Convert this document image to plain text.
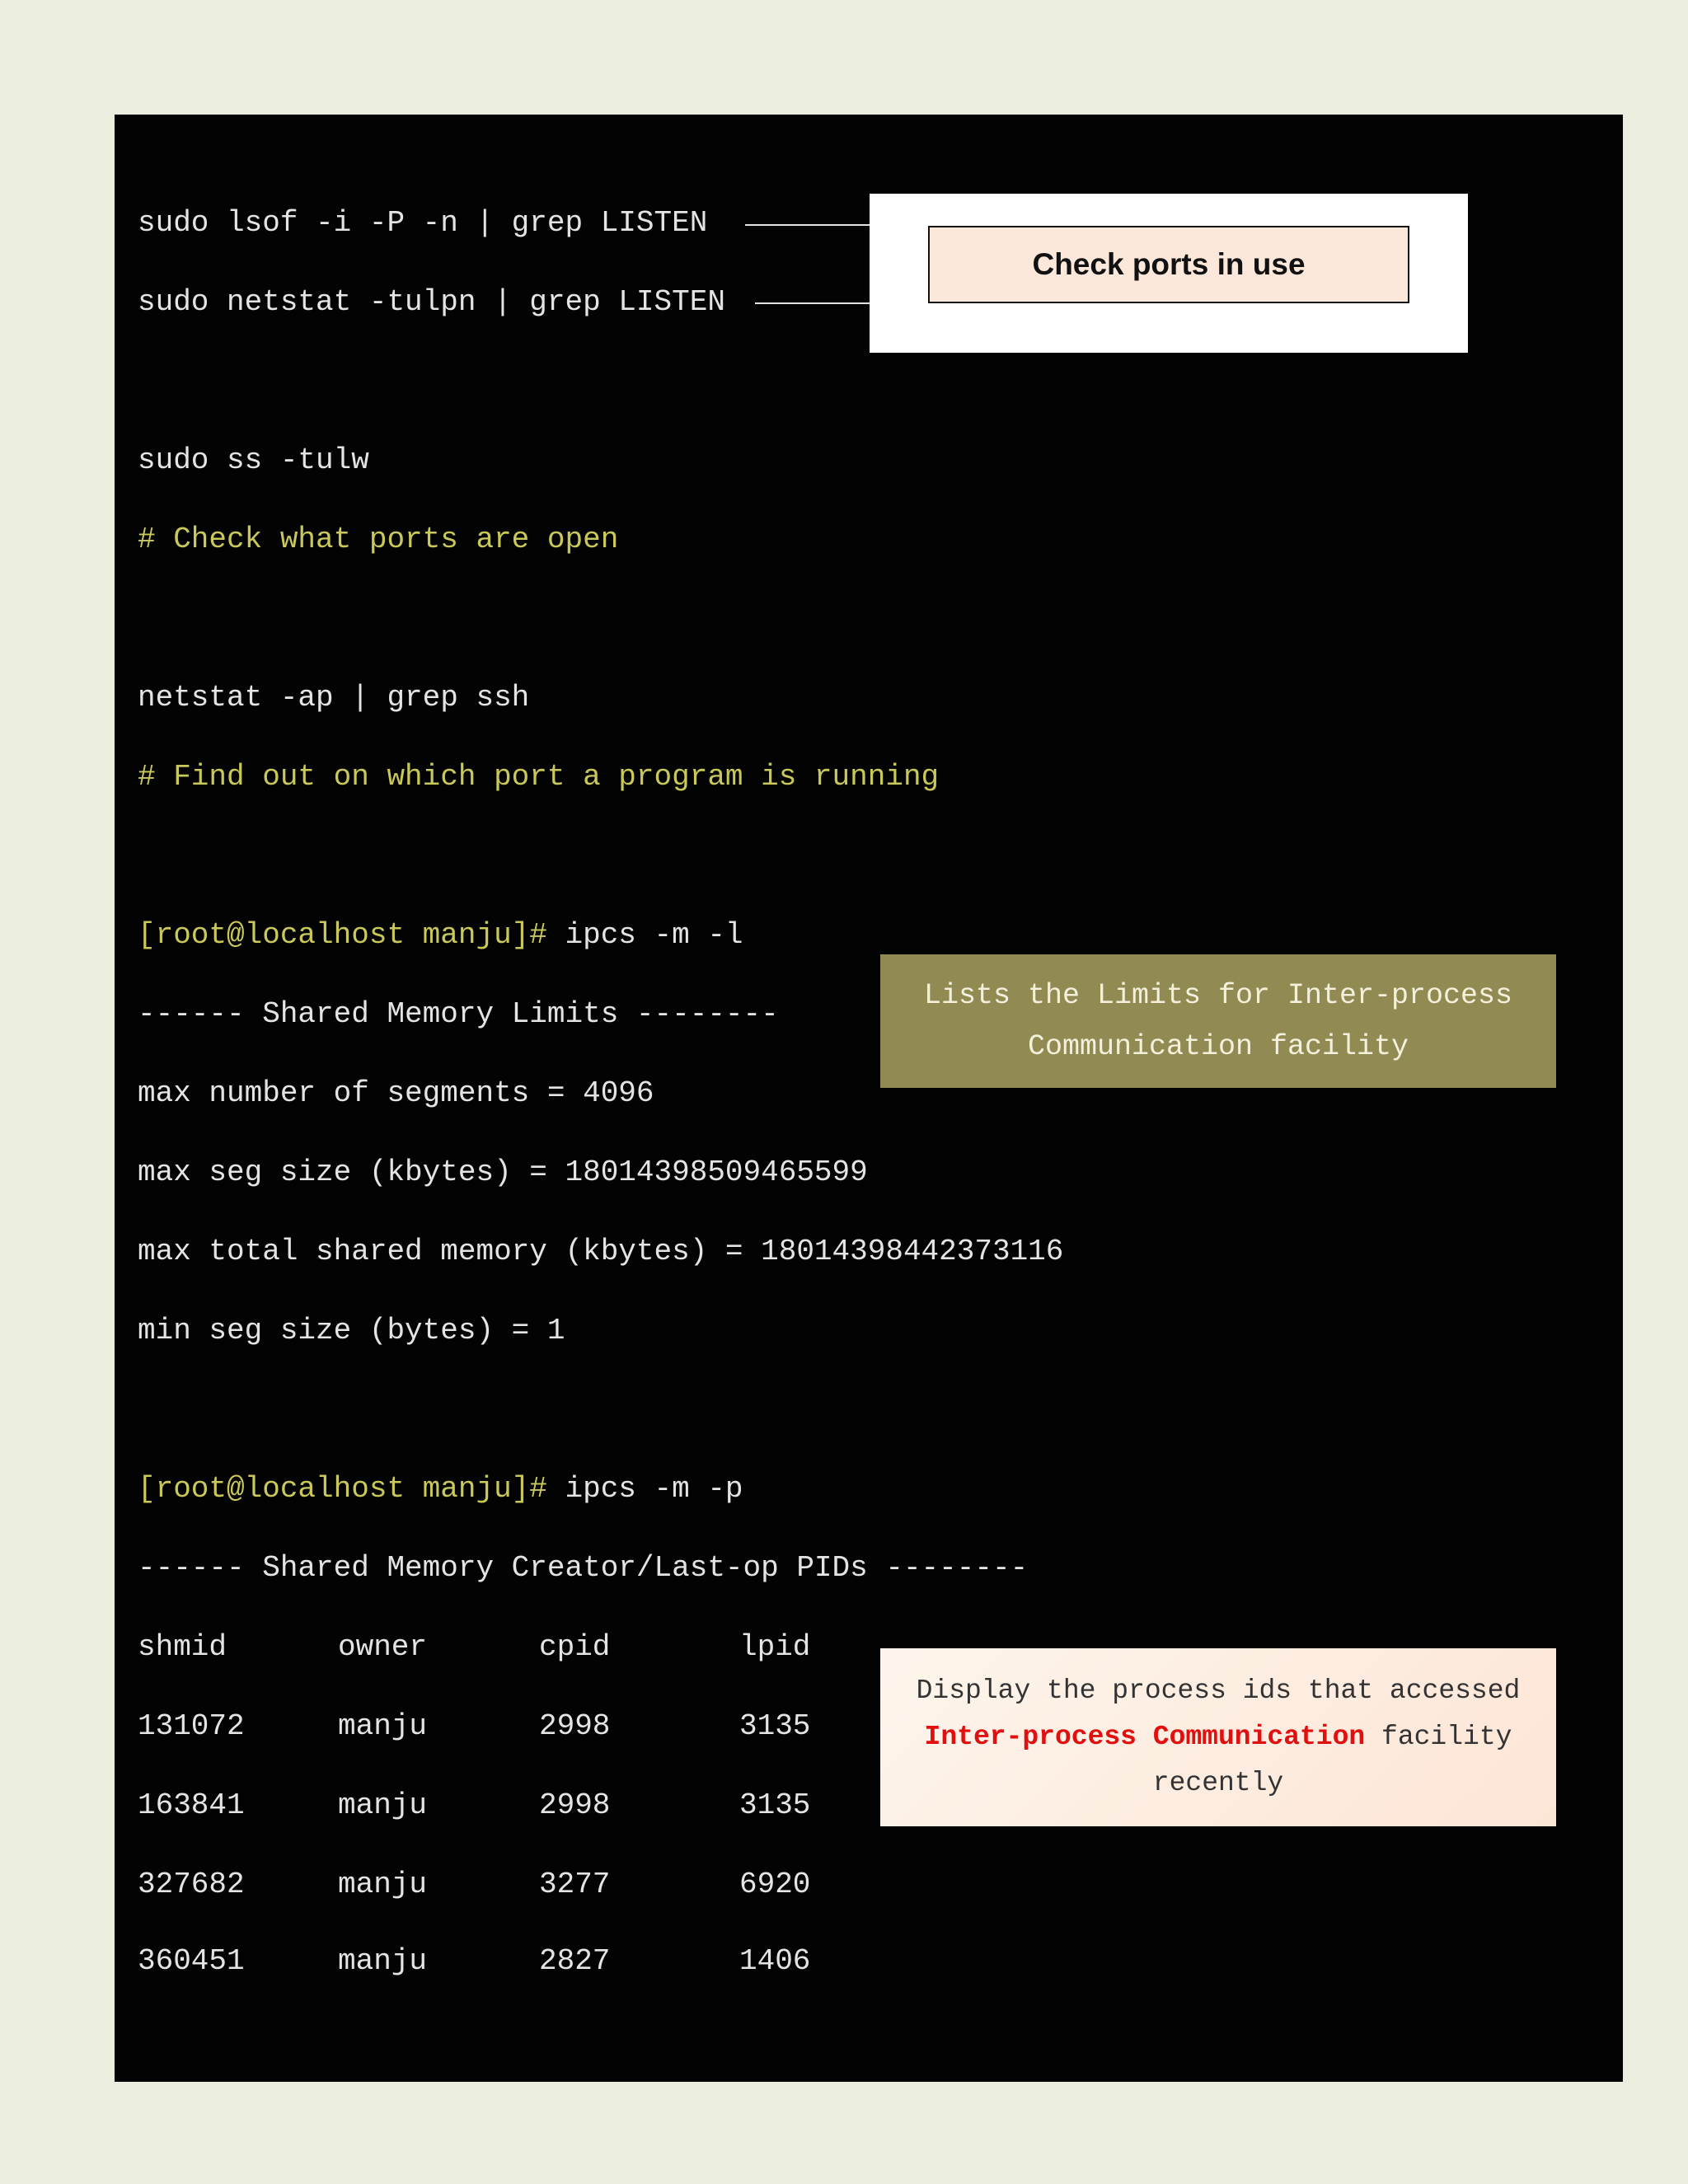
sudo lsof -i -P -n | grep LISTEN
sudo netstat -tulpn | grep LISTEN
Check ports in use
sudo ss -tulw
# Check what ports are open
netstat -ap | grep ssh
# Find out on which port a program is running
[root@localhost manju]# ipcs -m -l
------ Shared Memory Limits --------
max number of segments = 4096
max seg size (kbytes) = 18014398509465599
max total shared memory (kbytes) = 18014398442373116
min seg size (bytes) = 1
Lists the Limits for Inter-process
Communication facility
[root@localhost manju]# ipcs -m -p
------ Shared Memory Creator/Last-op PIDs --------
shmid	owner	cpid	lpid
131072	manju	2998	3135
163841	manju	2998	3135
327682	manju	3277	6920
360451	manju	2827	1406
Display the process ids that accessed
Inter-process Communication facility
recently
